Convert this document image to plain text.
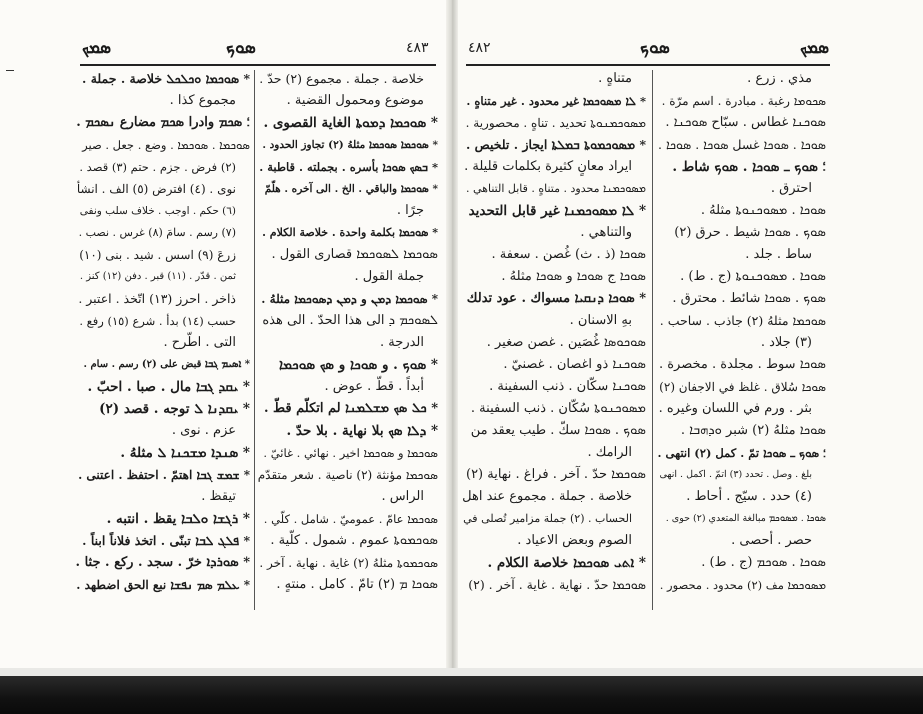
ܣܡܟ	ܣܘܟ	٤٨٣
خلاصة . جملة . مجموع (٢) حدّ .
موضوع ومحمول القضية .
* ܣܘܟܡܐ ܕܡܘܬܐ الغاية القصوى .
* ܣܘܟܡܐ ܣܘܟܡܐ مثلهُ (٢) تجاوز الحدود .
* ܒܣܟ ܣܘܟܐ بأسره . بجملته . قاطبة .
* ܣܘܟܡܐ والباقي . الخ . الى آخره . هلّمّ
جرًا .
* ܣܘܟܡܐ بكلمة واحدة . خلاصة الكلام .
ܣܘܟܡܐ ܠܣܘܟܡܐ قصارى القول .
جملة القول .
* ܣܘܟܡܐ ܕܡܢ و ܕܡܢ ܕܣܘܟܡܐ مثلهُ .
ܠܣܘܟܡ ܕ الى هذا الحدّ . الى هذه
الدرجة .
* ܣܘܟ . و ܣܘܟܐ و ܣܟ ܣܘܟܡܐ
أبداً . قطّ . عوض .
* ܟܠ ܣܟ ܡܫܠܡܢܐ لم اتكلّم قطّ .
* ܕܠܐ ܣܟ بلا نهاية . بلا حدّ .
ܣܘܟܡܐ و ܣܘܟܡܐ اخير . نهائي . غائيّ .
ܣܘܟܡܐ مؤنثة (٢) ناصية . شعر متقدّم
الراس .
ܣܘܟܡܐ عامّ . عموميّ . شامل . كلّي .
ܣܘܟܡܘܬܐ عموم . شمول . كلّية .
ܣܘܟܡܘܬܐ مثلهُ (٢) غاية . نهاية . آخر .
ܣܘܟܐ ܡ (٢) تامّ . كامل . منتهٍ .
* ܣܘܟܡܐ ܘܟܠܟܠ خلاصة . جملة .
مجموع كذا .
؛ ܣܟܡ وادرا ܣܟܡ مضارع ܢܣܟܡ .
ܣܘܟܡܐ . ܣܘܟܡܐ . وضع . جعل . صير
(٢) فرض . جزم . حتم (٣) قصد .
نوى . (٤) افترض (٥) الف . انشأ
(٦) حكم . اوجب . خلاف سلب ونفى
(٧) رسم . سامَ (٨) غرس . نصب .
زرعَ (٩) اسس . شيد . بنى (١٠)
ثمن . قدّر . (١١) قبر . دفن (١٢) كنز .
ذاخر . احرز (١٣) اتّخذ . اعتبر .
حسب (١٤) بدأ . شرع (١٥) رفع .
التى . اطّرح .
* ܐܣܝܡ ܓܒܐ قبض على (٢) رسم . سام .
* ܝܩܕ ܓܒܐ مال . صبا . احبّ .
* ܝܩܕܢܐ ܠ توجه . قصد (٢)
عزم . نوى .
* ܣܢܕܐ ܡܫܟܢܐ ܠ مثلهُ .
* ܫܡܫ ܓܒܐ اهتمّ . احتفظ . اعتنى .
تيقظ .
* ܪܓܫܐ ܘܠܒܐ يقظ . انتبه .
* ܦܠܓ ܠܒܐ تبنّى . اتخذ فلاناً ابناً .
* ܣܘܪܕܐ خرّ . سجد . ركع . جثا .
* ܥܠܡ ܣܡ ܢܦܫܐ نبع الحق اضطهد .
٤٨٢	ܣܘܟ	ܣܡܟ
متناهٍ .
* ܠܐ ܡܣܘܟܡܐ غير محدود . غير متناهٍ .
ܡܣܘܟܡܢܘܬܐ تحديد . تناهٍ . محصورية .
* ܡܣܘܟܡܘܬܐ ܒܡܠܬܐ ايجاز . تلخيص .
ايراد معانٍ كثيرة بكلمات قليلة .
ܡܣܘܟܡܢܐ محدود . متناهٍ . قابل التناهي .
* ܠܐ ܡܣܘܟܡܢܐ غير قابل التحديد
والتناهي .
ܣܘܟܐ (ذ . ث) غُصن . سعفة .
ܣܘܟܐ ج ܣܘܟܐ و ܣܘܟܐ مثلهُ .
* ܣܘܟܐ ܕܢܩܝܐ مسواك . عود تدلك
بهِ الاسنان .
ܣܘܟܘܣܐ غُصَين . غصن صغير .
ܣܘܟܢܐ ذو اغصان . غصنيّ .
ܣܘܟܢܐ سكّان . ذنب السفينة .
ܡܣܘܟܢܘܬܐ سُكّان . ذنب السفينة .
ܣܘܟ . ܣܘܟܐ سكّ . طيب يعقد من
الرامك .
ܣܘܟܡܐ حدّ . آخر . فراغ . نهاية (٢)
خلاصة . جملة . مجموع عند اهل
الحساب . (٢) جملة مزامير تُصلى في
الصوم وبعض الاعياد .
* ܐܬܝ ܣܘܟܡܐ خلاصة الكلام .
ܣܘܟܡܐ حدّ . نهاية . غاية . آخر . (٢)
مذي . زرع .
ܣܟܘܡܐ رغبة . مبادرة . اسم مرّة .
ܣܘܟܢܐ غطاس . سبّاح ܣܘܟܢܐ .
ܣܘܟܐ . ܣܘܟܐ غسل ܣܘܟܐ . ܣܘܟܐ .
؛ ܣܘܟ ـ ܣܘܟܐ . ܣܘܟ شاط .
احترق .
ܣܘܟܐ . ܡܣܘܟܢܘܬܐ مثلهُ .
ܣܘܟ . ܣܘܟܐ شيط . حرق (٢)
ساط . جلد .
ܣܘܟܐ . ܡܣܘܟܢܘܬܐ (ج . ط) .
ܣܘܟ . ܣܘܟܐ شائط . محترق .
ܣܘܟܡܐ مثلهُ (٢) جاذب . ساحب .
(٣) جلاد .
ܣܘܟܐ سوط . مجلدة . مخصرة .
ܣܘܟܐ سُلاق . غلظ في الاجفان (٢)
بثر . ورم في اللسان وغيره .
ܣܘܟܐ مثلهُ (٢) شبر ܘܕܗܒܐ .
؛ ܣܘܟ ـ ܣܘܟܐ تمّ . كمل (٢) انتهى .
بلغ . وصل . تحدد (٣) اتمّ . اكمل . انهى
(٤) حدد . سيّج . أحاط .
ܣܘܟܐ . ܡܣܘܟܡ مبالغة المتعدي (٢) حوى .
حصر . أحصى .
ܣܘܟܐ . ܣܘܟܡ (ج . ط) .
ܡܣܘܟܡܐ مف (٢) محدود . محصور .
